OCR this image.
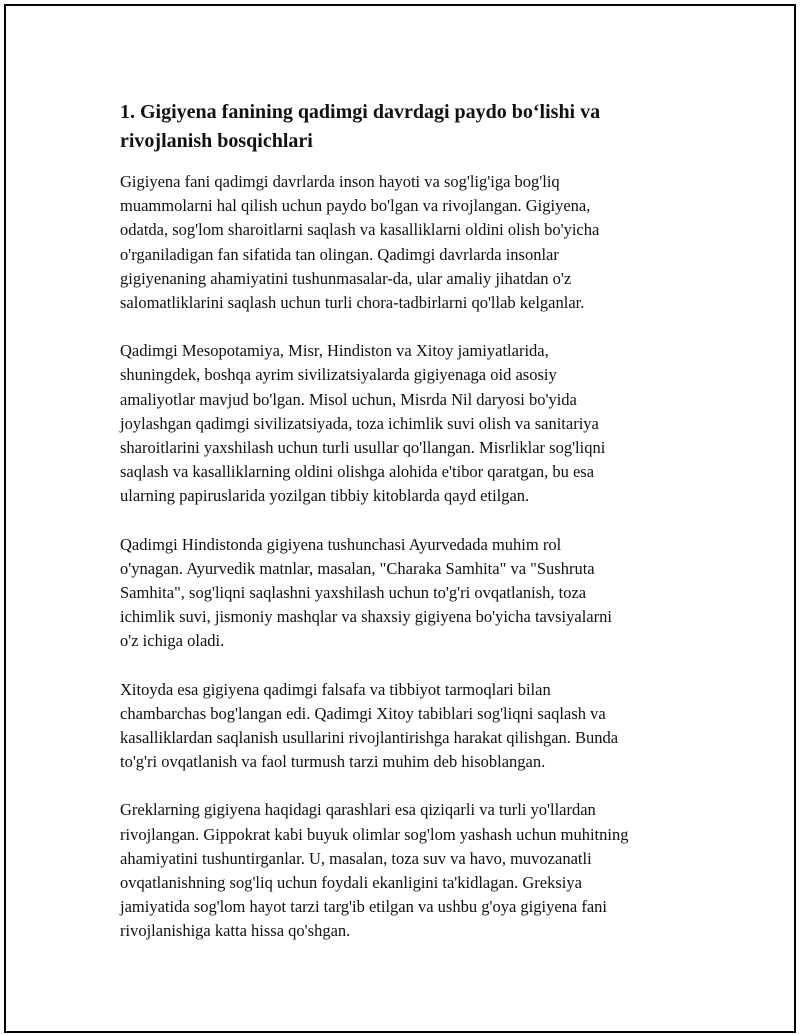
1. Gigiyena fanining qadimgi davrdagi paydo bo‘lishi va
rivojlanish bosqichlari
Gigiyena fani qadimgi davrlarda inson hayoti va sog'lig'iga bog'liq
muammolarni hal qilish uchun paydo bo'lgan va rivojlangan. Gigiyena,
odatda, sog'lom sharoitlarni saqlash va kasalliklarni oldini olish bo'yicha
o'rganiladigan fan sifatida tan olingan. Qadimgi davrlarda insonlar
gigiyenaning ahamiyatini tushunmasalar-da, ular amaliy jihatdan o'z
salomatliklarini saqlash uchun turli chora-tadbirlarni qo'llab kelganlar.
Qadimgi Mesopotamiya, Misr, Hindiston va Xitoy jamiyatlarida,
shuningdek, boshqa ayrim sivilizatsiyalarda gigiyenaga oid asosiy
amaliyotlar mavjud bo'lgan. Misol uchun, Misrda Nil daryosi bo'yida
joylashgan qadimgi sivilizatsiyada, toza ichimlik suvi olish va sanitariya
sharoitlarini yaxshilash uchun turli usullar qo'llangan. Misrliklar sog'liqni
saqlash va kasalliklarning oldini olishga alohida e'tibor qaratgan, bu esa
ularning papiruslarida yozilgan tibbiy kitoblarda qayd etilgan.
Qadimgi Hindistonda gigiyena tushunchasi Ayurvedada muhim rol
o'ynagan. Ayurvedik matnlar, masalan, "Charaka Samhita" va "Sushruta
Samhita", sog'liqni saqlashni yaxshilash uchun to'g'ri ovqatlanish, toza
ichimlik suvi, jismoniy mashqlar va shaxsiy gigiyena bo'yicha tavsiyalarni
o'z ichiga oladi.
Xitoyda esa gigiyena qadimgi falsafa va tibbiyot tarmoqlari bilan
chambarchas bog'langan edi. Qadimgi Xitoy tabiblari sog'liqni saqlash va
kasalliklardan saqlanish usullarini rivojlantirishga harakat qilishgan. Bunda
to'g'ri ovqatlanish va faol turmush tarzi muhim deb hisoblangan.
Greklarning gigiyena haqidagi qarashlari esa qiziqarli va turli yo'llardan
rivojlangan. Gippokrat kabi buyuk olimlar sog'lom yashash uchun muhitning
ahamiyatini tushuntirganlar. U, masalan, toza suv va havo, muvozanatli
ovqatlanishning sog'liq uchun foydali ekanligini ta'kidlagan. Greksiya
jamiyatida sog'lom hayot tarzi targ'ib etilgan va ushbu g'oya gigiyena fani
rivojlanishiga katta hissa qo'shgan.
